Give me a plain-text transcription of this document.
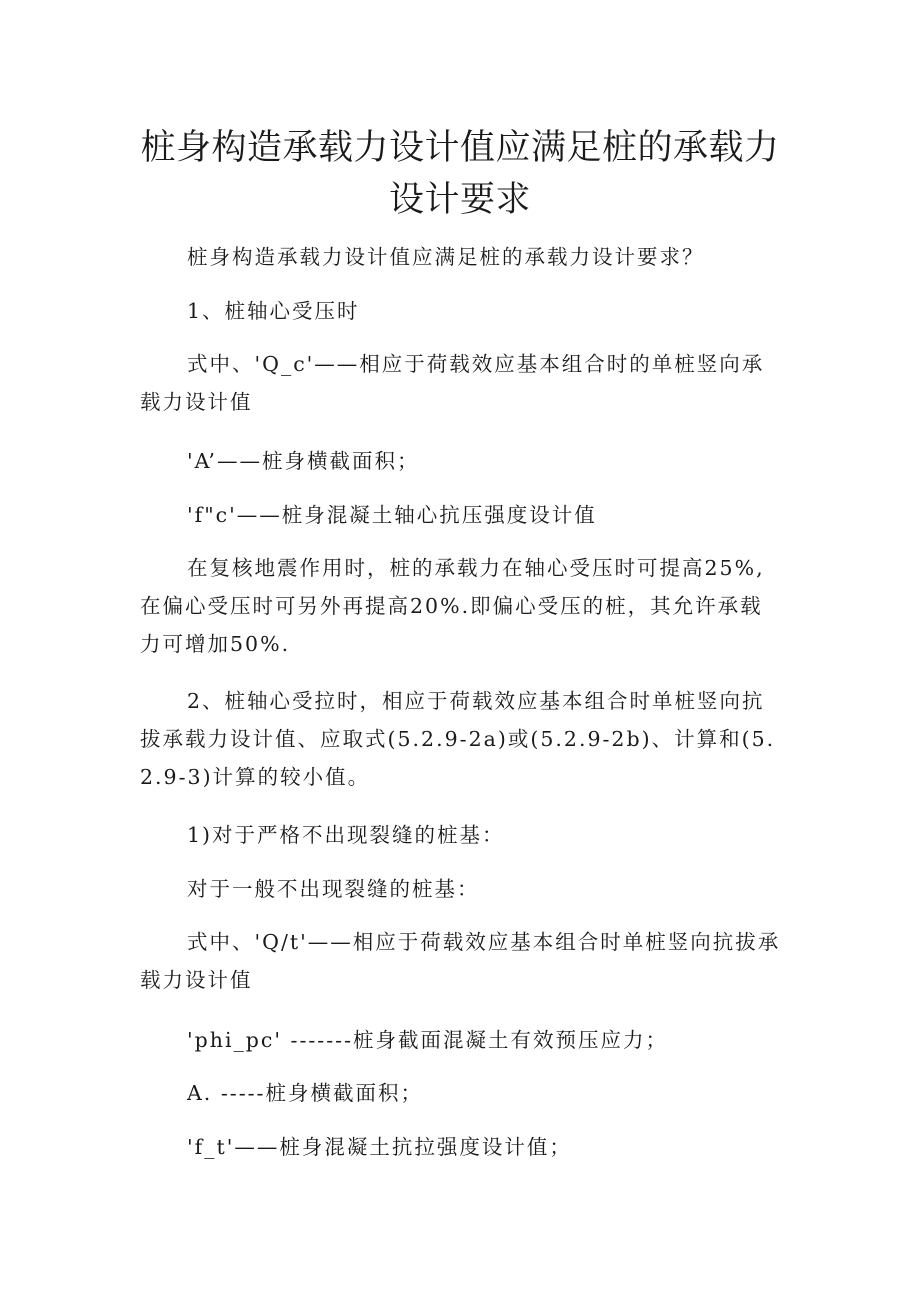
桩身构造承载力设计值应满足桩的承载力设计要求

桩身构造承载力设计值应满足桩的承载力设计要求？

1、桩轴心受压时

式中、'Q_c'——相应于荷载效应基本组合时的单桩竖向承载力设计值

'A’——桩身横截面积；

'f"c'——桩身混凝土轴心抗压强度设计值

在复核地震作用时，桩的承载力在轴心受压时可提高25%,在偏心受压时可另外再提高20%.即偏心受压的桩，其允许承载力可增加50%.

2、桩轴心受拉时，相应于荷载效应基本组合时单桩竖向抗拔承载力设计值、应取式(5.2.9-2a)或(5.2.9-2b)、计算和(5.2.9-3)计算的较小值。

1)对于严格不出现裂缝的桩基：

对于一般不出现裂缝的桩基：

式中、'Q/t'——相应于荷载效应基本组合时单桩竖向抗拔承载力设计值

'phi_pc' -------桩身截面混凝土有效预压应力；

A. -----桩身横截面积；

'f_t'——桩身混凝土抗拉强度设计值；
